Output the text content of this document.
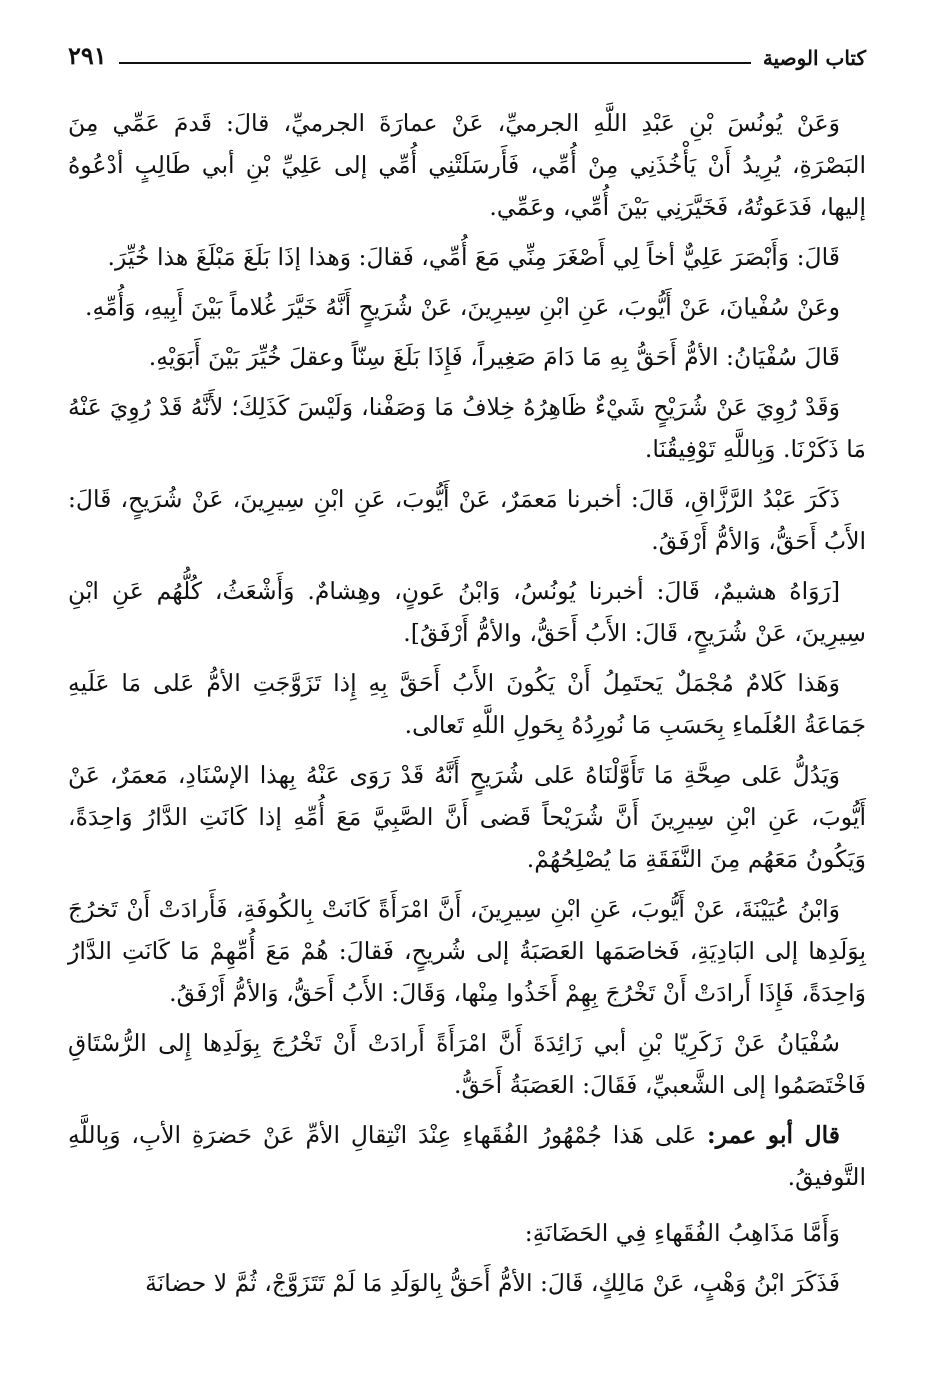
كتاب الوصية
٢٩١

وَعَنْ يُونُسَ بْنِ عَبْدِ اللَّهِ الجرميِّ، عَنْ عمارَةَ الجرميِّ، قالَ: قَدمَ عَمِّي مِنَ البَصْرَةِ، يُرِيدُ أَنْ يَأْخُذَنِي مِنْ أُمِّي، فَأَرسَلَتْنِي أُمِّي إلى عَلِيِّ بْنِ أبي طَالِبٍ أدْعُوهُ إليها، فَدَعَوتُهُ، فَخَيَّرَنِي بَيْنَ أُمِّي، وعَمِّي.

قَالَ: وَأَبْصَرَ عَلِيٌّ أخاً لِي أَصْغَرَ مِنِّي مَعَ أُمِّي، فَقالَ: وَهذا إذَا بَلَغَ مَبْلَغَ هذا خُيِّرَ.

وعَنْ سُفْيانَ، عَنْ أَيُّوبَ، عَنِ ابْنِ سِيرِينَ، عَنْ شُرَيحٍ أَنَّهُ خَيَّرَ غُلاماً بَيْنَ أَبِيهِ، وَأُمِّهِ.

قَالَ سُفْيَانُ: الأمُّ أَحَقُّ بِهِ مَا دَامَ صَغِيراً، فَإِذَا بَلَغَ سِنّاً وعقلَ خُيِّرَ بَيْنَ أَبَوَيْهِ.

وَقَدْ رُوِيَ عَنْ شُرَيْحٍ شَيْءٌ ظَاهِرُهُ خِلافُ مَا وَصَفْنا، وَلَيْسَ كَذَلِكَ؛ لأَنَّهُ قَدْ رُوِيَ عَنْهُ مَا ذَكَرْنَا. وَبِاللَّهِ تَوْفِيقُنَا.

ذَكَرَ عَبْدُ الرَّزَّاقِ، قَالَ: أخبرنا مَعمَرٌ، عَنْ أَيُّوبَ، عَنِ ابْنِ سِيرِينَ، عَنْ شُرَيحٍ، قَالَ: الأَبُ أَحَقُّ، وَالأمُّ أَرْفَقُ.

[رَوَاهُ هشيمٌ، قَالَ: أخبرنا يُونُسُ، وَابْنُ عَونٍ، وهِشامٌ. وَأَشْعَثُ، كُلُّهُم عَنِ ابْنِ سِيرِينَ، عَنْ شُرَيحٍ، قَالَ: الأَبُ أَحَقُّ، والأمُّ أَرْفَقُ].

وَهَذا كَلامٌ مُجْمَلٌ يَحتَمِلُ أَنْ يَكُونَ الأَبُ أَحَقَّ بِهِ إِذا تَزَوَّجَتِ الأمُّ عَلى مَا عَلَيهِ جَمَاعَةُ العُلَماءِ بِحَسَبِ مَا نُورِدُهُ بِحَولِ اللَّهِ تَعالى.

وَيَدُلُّ عَلى صِحَّةِ مَا تَأَوَّلْنَاهُ عَلى شُرَيحٍ أَنَّهُ قَدْ رَوَى عَنْهُ بِهذا الإسْنَادِ، مَعمَرٌ، عَنْ أَيُّوبَ، عَنِ ابْنِ سِيرِينَ أَنَّ شُرَيْحاً قَضى أَنَّ الصَّبِيَّ مَعَ أُمِّهِ إذا كَانَتِ الدَّارُ وَاحِدَةً، وَيَكُونُ مَعَهُم مِنَ النَّفَقَةِ مَا يُصْلِحُهُمْ.

وَابْنُ عُيَيْنَةَ، عَنْ أَيُّوبَ، عَنِ ابْنِ سِيرِينَ، أَنَّ امْرَأَةً كَانَتْ بِالكُوفَةِ، فَأَرادَتْ أَنْ تَخرُجَ بِوَلَدِها إلى البَادِيَةِ، فَخاصَمَها العَصَبَةُ إلى شُريحٍ، فَقالَ: هُمْ مَعَ أُمِّهِمْ مَا كَانَتِ الدَّارُ وَاحِدَةً، فَإِذَا أَرادَتْ أَنْ تَخْرُجَ بِهِمْ أَخَذُوا مِنْها، وَقَالَ: الأَبُ أَحَقُّ، وَالأمُّ أَرْفَقُ.

سُفْيَانُ عَنْ زَكَرِيّا بْنِ أبي زَائِدَةَ أَنَّ امْرَأَةً أَرادَتْ أَنْ تَخْرُجَ بِوَلَدِها إِلى الرُّسْتَاقِ فَاخْتَصَمُوا إلى الشَّعبيِّ، فَقَالَ: العَصَبَةُ أَحَقُّ.

قال أبو عمر: عَلى هَذا جُمْهُورُ الفُقَهاءِ عِنْدَ انْتِقالِ الأمِّ عَنْ حَضرَةِ الأبِ، وَبِاللَّهِ التَّوفيقُ.

وَأَمَّا مَذَاهِبُ الفُقَهاءِ فِي الحَضَانَةِ:

فَذَكَرَ ابْنُ وَهْبٍ، عَنْ مَالِكٍ، قَالَ: الأمُّ أَحَقُّ بِالوَلَدِ مَا لَمْ تَتَزَوَّجْ، ثُمَّ لا حضانَةَ
